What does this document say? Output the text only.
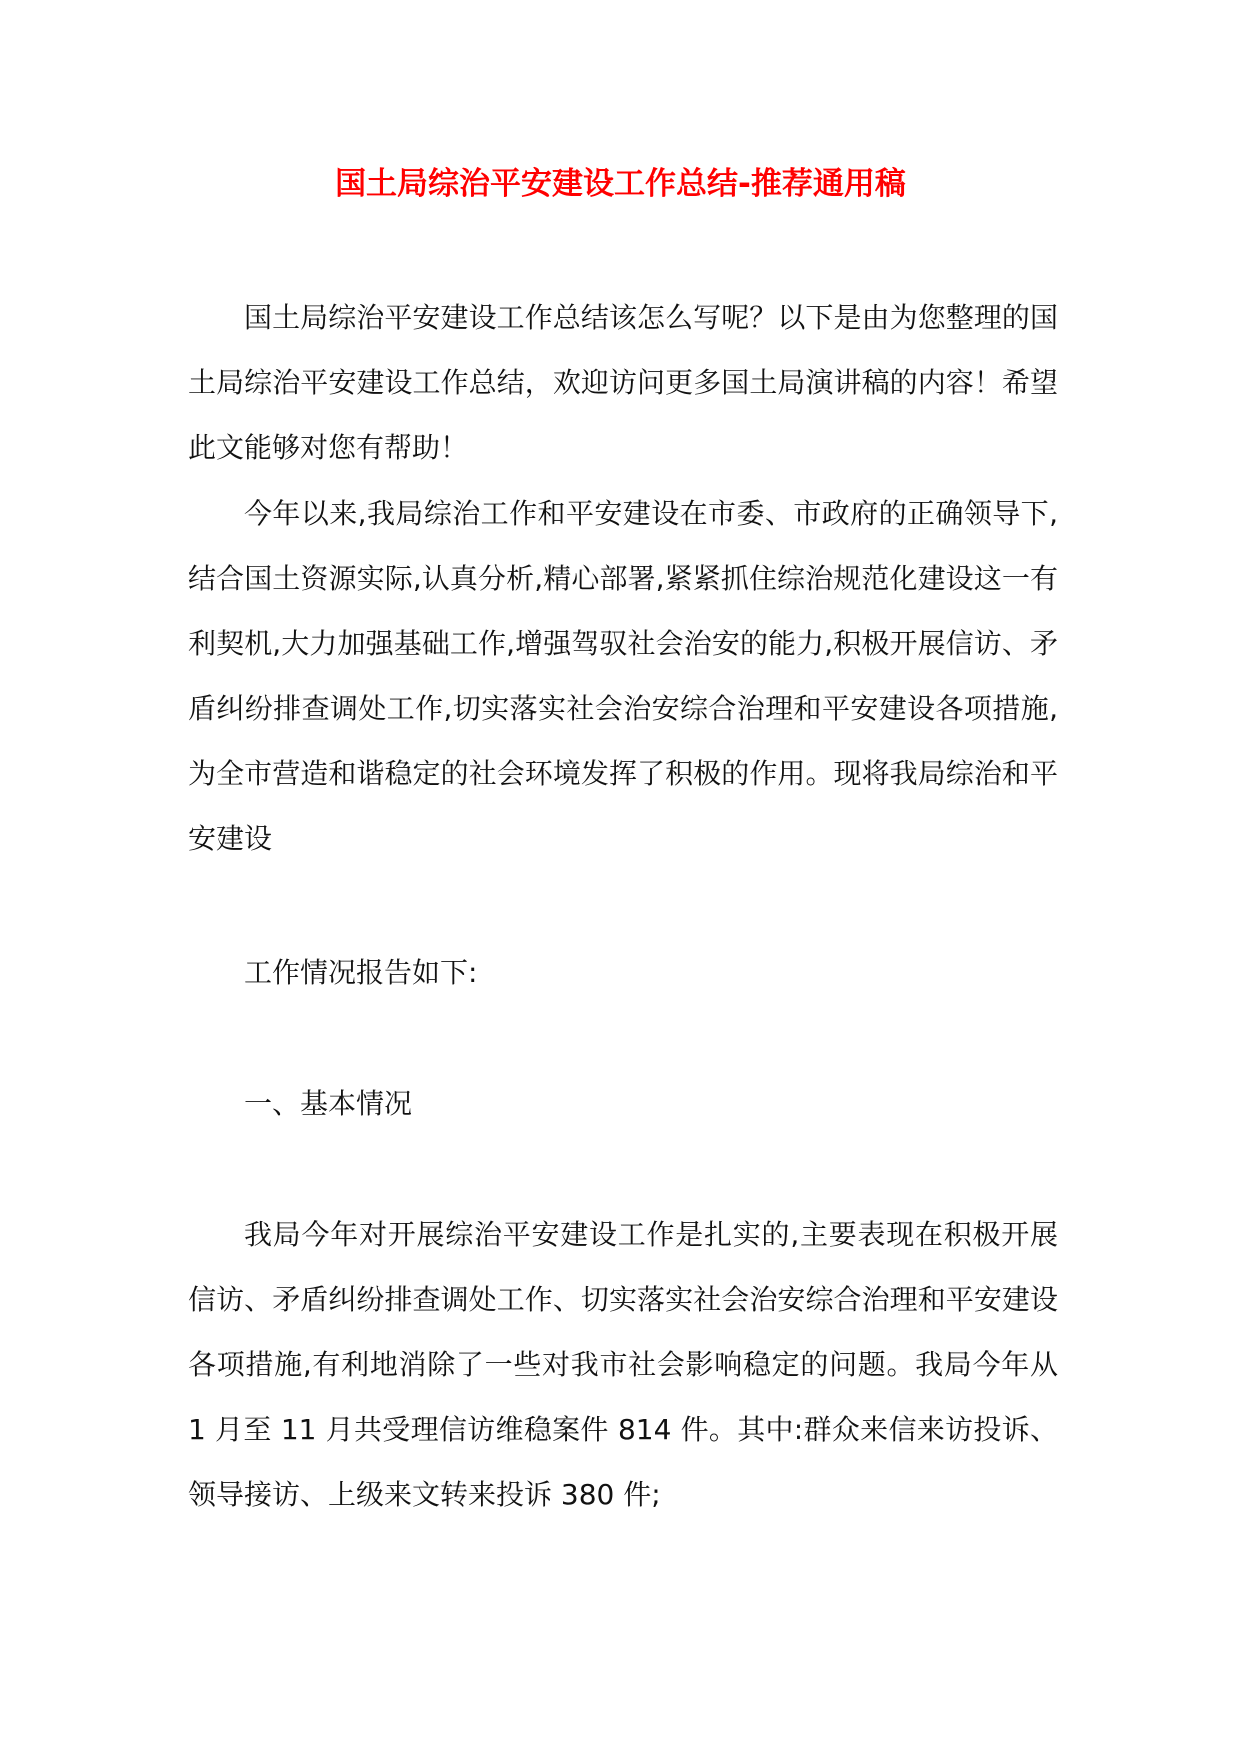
国土局综治平安建设工作总结-推荐通用稿

国土局综治平安建设工作总结该怎么写呢？以下是由为您整理的国土局综治平安建设工作总结，欢迎访问更多国土局演讲稿的内容！希望此文能够对您有帮助！

今年以来,我局综治工作和平安建设在市委、市政府的正确领导下,结合国土资源实际,认真分析,精心部署,紧紧抓住综治规范化建设这一有利契机,大力加强基础工作,增强驾驭社会治安的能力,积极开展信访、矛盾纠纷排查调处工作,切实落实社会治安综合治理和平安建设各项措施,为全市营造和谐稳定的社会环境发挥了积极的作用。现将我局综治和平安建设

工作情况报告如下:

一、基本情况

我局今年对开展综治平安建设工作是扎实的,主要表现在积极开展信访、矛盾纠纷排查调处工作、切实落实社会治安综合治理和平安建设各项措施,有利地消除了一些对我市社会影响稳定的问题。我局今年从 1 月至 11 月共受理信访维稳案件 814 件。其中:群众来信来访投诉、领导接访、上级来文转来投诉 380 件;
